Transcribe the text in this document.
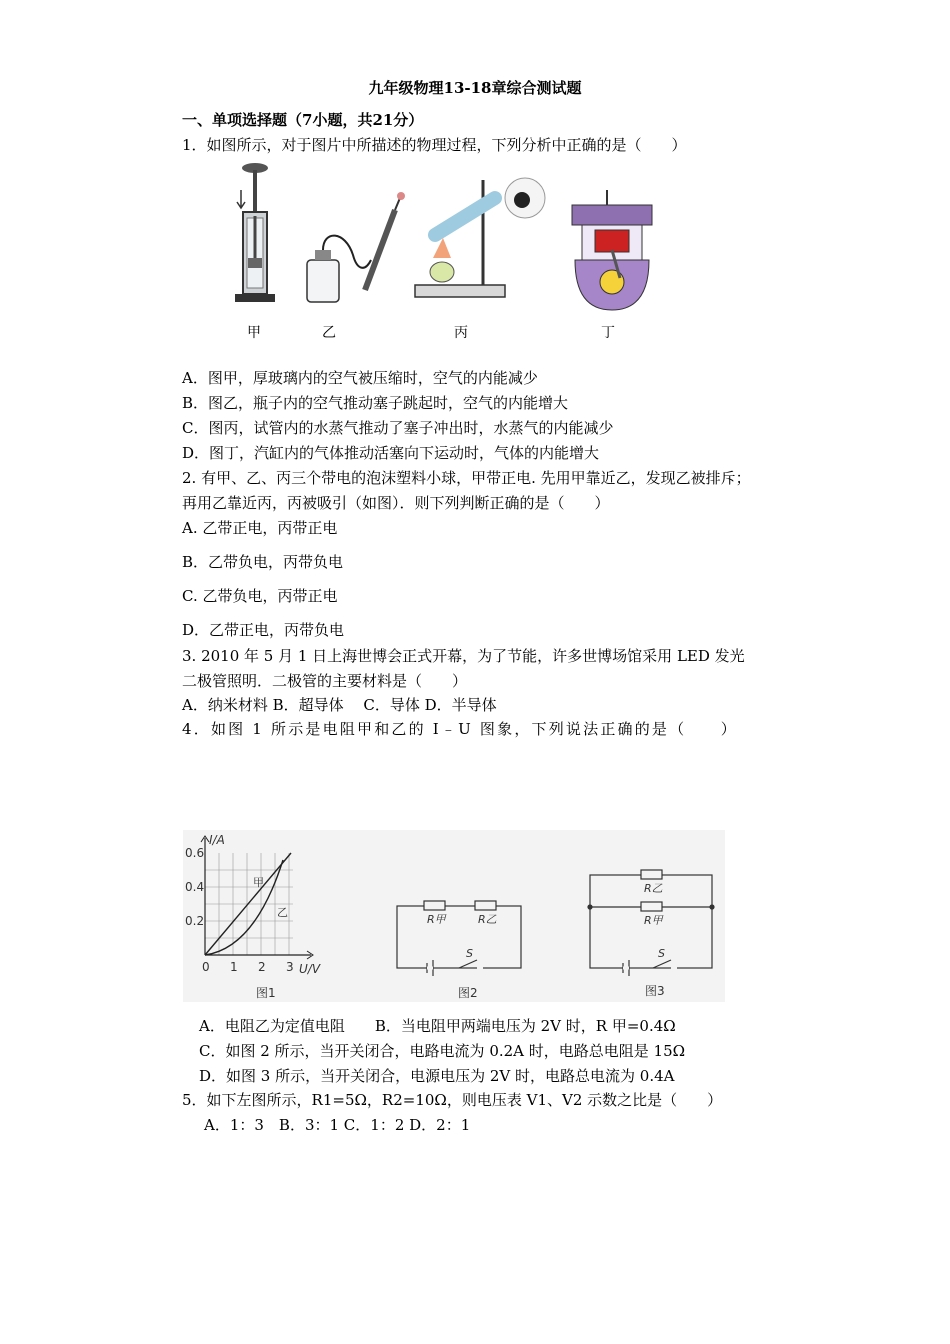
九年级物理13-18章综合测试题
一、单项选择题（7小题，共21分）
1．如图所示，对于图片中所描述的物理过程，下列分析中正确的是（　　）
甲	乙	丙	丁
A．图甲，厚玻璃内的空气被压缩时，空气的内能减少
B．图乙，瓶子内的空气推动塞子跳起时，空气的内能增大
C．图丙，试管内的水蒸气推动了塞子冲出时，水蒸气的内能减少
D．图丁，汽缸内的气体推动活塞向下运动时，气体的内能增大
2. 有甲、乙、丙三个带电的泡沫塑料小球，甲带正电. 先用甲靠近乙，发现乙被排斥；
再用乙靠近丙，丙被吸引（如图）．则下列判断正确的是（　　）
A. 乙带正电，丙带正电
B．乙带负电，丙带负电
C. 乙带负电，丙带正电
D．乙带正电，丙带负电
3. 2010 年 5 月 1 日上海世博会正式开幕，为了节能，许多世博场馆采用 LED 发光
二极管照明．二极管的主要材料是（　　）
A．纳米材料 B．超导体　 C．导体 D．半导体
4．如图 1 所示是电阻甲和乙的 I﹣U 图象，下列说法正确的是（　　）
I/A
U/V
0.6
0.4
0.2
0 1 2 3
甲
乙
R甲	R乙
S
R乙
R甲
S
图1	图2	图3
A．电阻乙为定值电阻　　B．当电阻甲两端电压为 2V 时，R 甲=0.4Ω
C．如图 2 所示，当开关闭合，电路电流为 0.2A 时，电路总电阻是 15Ω
D．如图 3 所示，当开关闭合，电源电压为 2V 时，电路总电流为 0.4A
5．如下左图所示，R1=5Ω，R2=10Ω，则电压表 V1、V2 示数之比是（　　）
A．1：3　B．3：1 C．1：2 D．2：1
